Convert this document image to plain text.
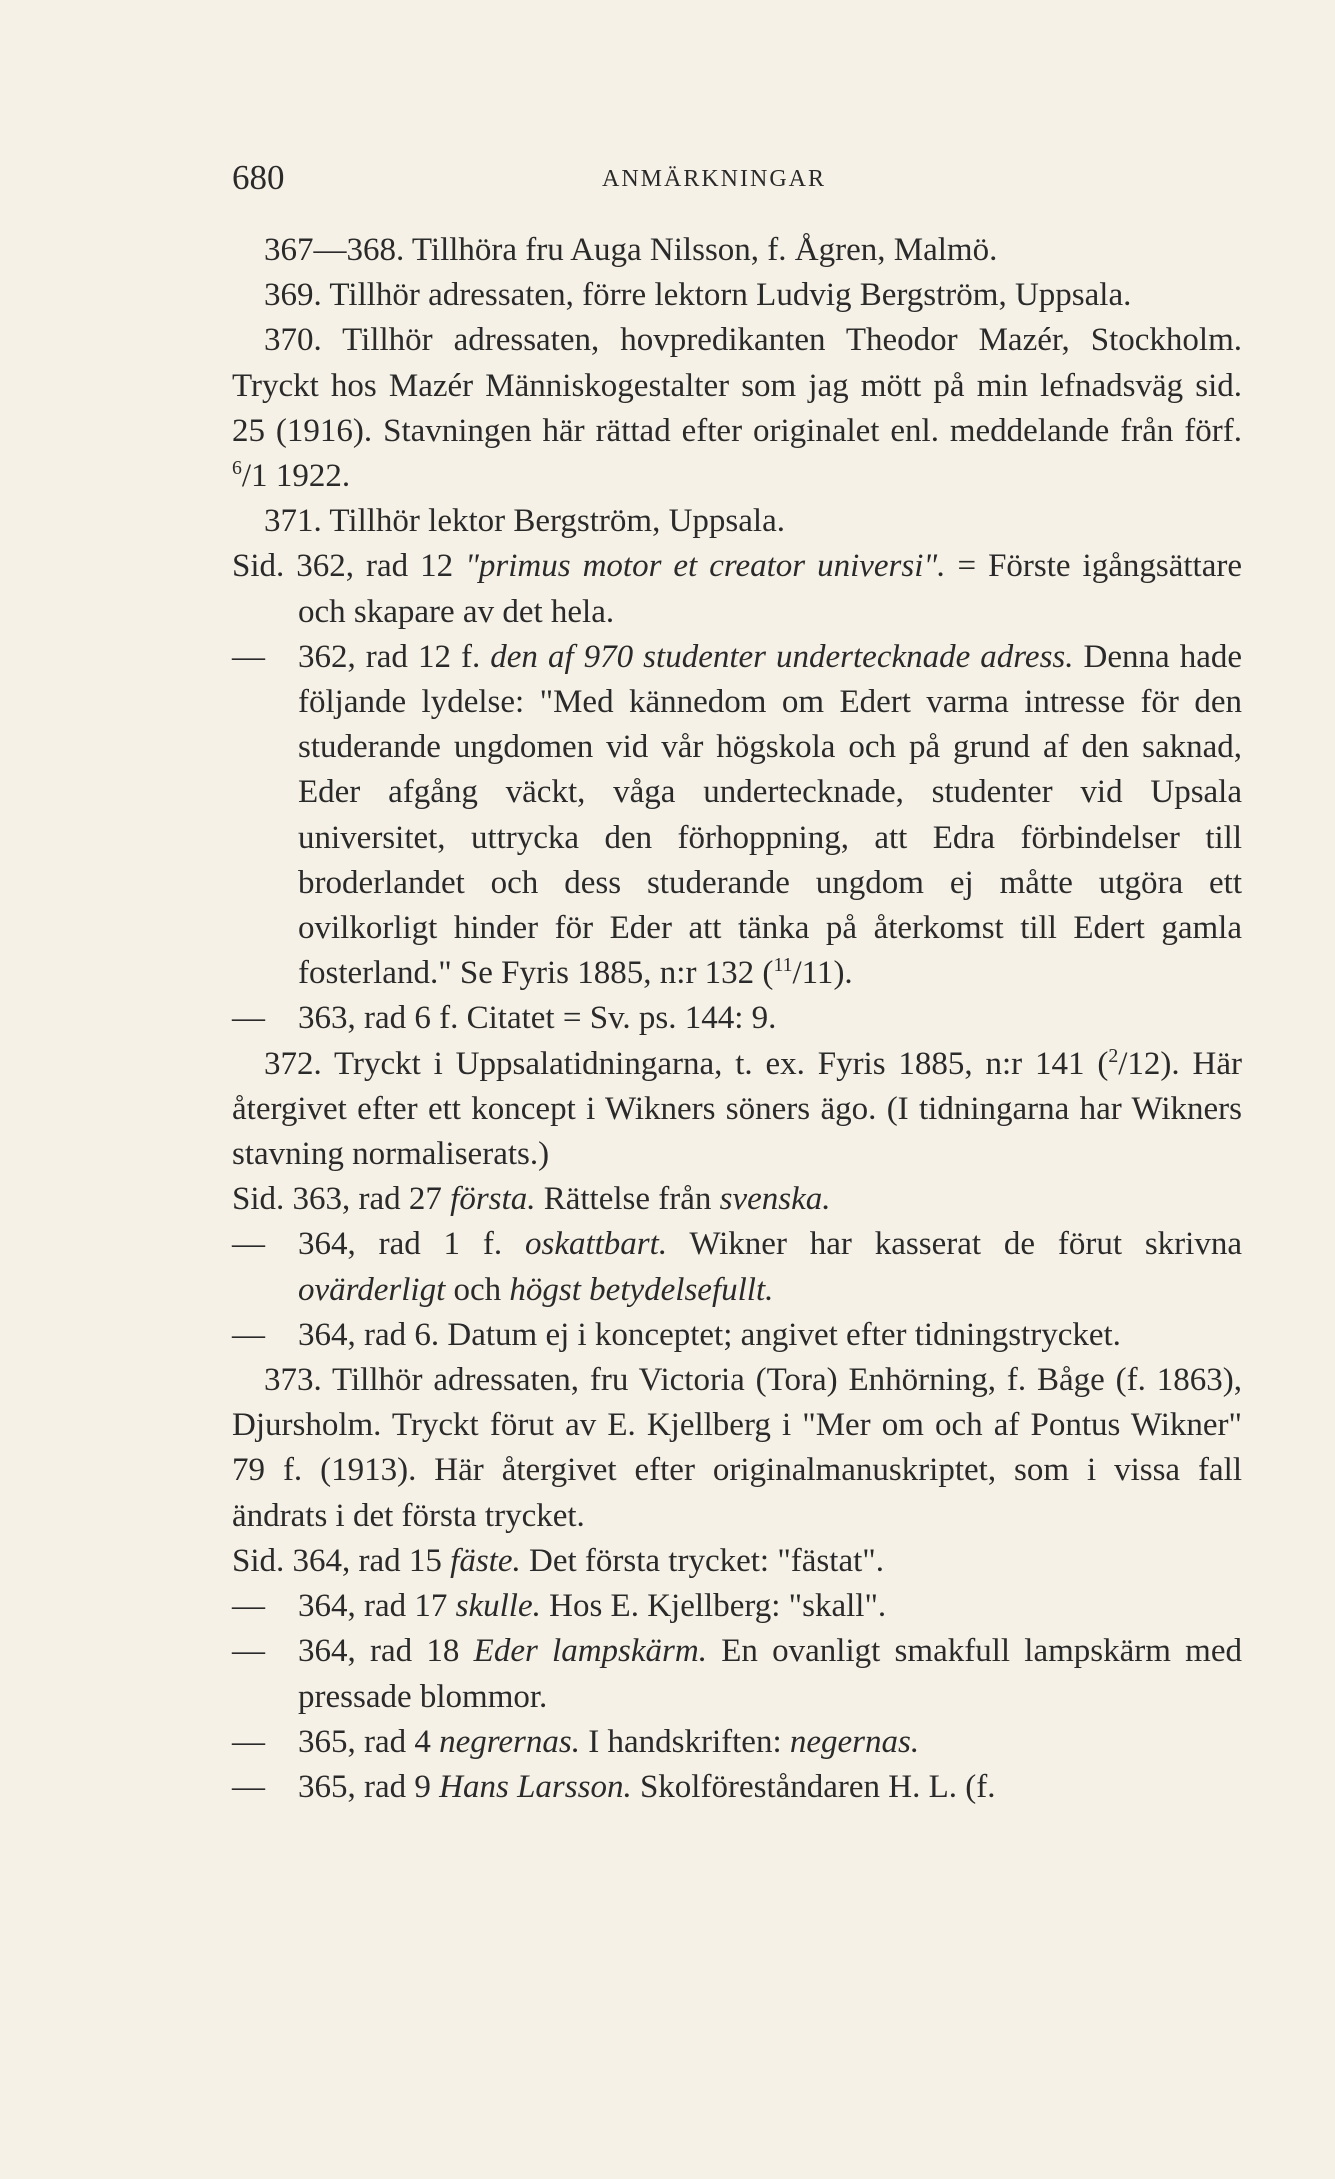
680	ANMÄRKNINGAR

367—368. Tillhöra fru Auga Nilsson, f. Ågren, Malmö.

369. Tillhör adressaten, förre lektorn Ludvig Bergström, Uppsala.

370. Tillhör adressaten, hovpredikanten Theodor Mazér, Stockholm. Tryckt hos Mazér Människogestalter som jag mött på min lefnadsväg sid. 25 (1916). Stavningen här rättad efter originalet enl. meddelande från förf. $^6$/1 1922.

371. Tillhör lektor Bergström, Uppsala.

Sid. 362, rad 12 "primus motor et creator universi". = Förste igångsättare och skapare av det hela.

— 362, rad 12 f. den af 970 studenter undertecknade adress. Denna hade följande lydelse: "Med kännedom om Edert varma intresse för den studerande ungdomen vid vår högskola och på grund af den saknad, Eder afgång väckt, våga undertecknade, studenter vid Upsala universitet, uttrycka den förhoppning, att Edra förbindelser till broderlandet och dess studerande ungdom ej måtte utgöra ett ovilkorligt hinder för Eder att tänka på återkomst till Edert gamla fosterland." Se Fyris 1885, n:r 132 ($^{11}$/11).

— 363, rad 6 f. Citatet = Sv. ps. 144: 9.

372. Tryckt i Uppsalatidningarna, t. ex. Fyris 1885, n:r 141 ($^2$/12). Här återgivet efter ett koncept i Wikners söners ägo. (I tidningarna har Wikners stavning normaliserats.)

Sid. 363, rad 27 första. Rättelse från svenska.

— 364, rad 1 f. oskattbart. Wikner har kasserat de förut skrivna ovärderligt och högst betydelsefullt.

— 364, rad 6. Datum ej i konceptet; angivet efter tidningstrycket.

373. Tillhör adressaten, fru Victoria (Tora) Enhörning, f. Båge (f. 1863), Djursholm. Tryckt förut av E. Kjellberg i "Mer om och af Pontus Wikner" 79 f. (1913). Här återgivet efter originalmanuskriptet, som i vissa fall ändrats i det första trycket.

Sid. 364, rad 15 fäste. Det första trycket: "fästat".

— 364, rad 17 skulle. Hos E. Kjellberg: "skall".

— 364, rad 18 Eder lampskärm. En ovanligt smakfull lampskärm med pressade blommor.

— 365, rad 4 negrernas. I handskriften: negernas.

— 365, rad 9 Hans Larsson. Skolföreståndaren H. L. (f.
